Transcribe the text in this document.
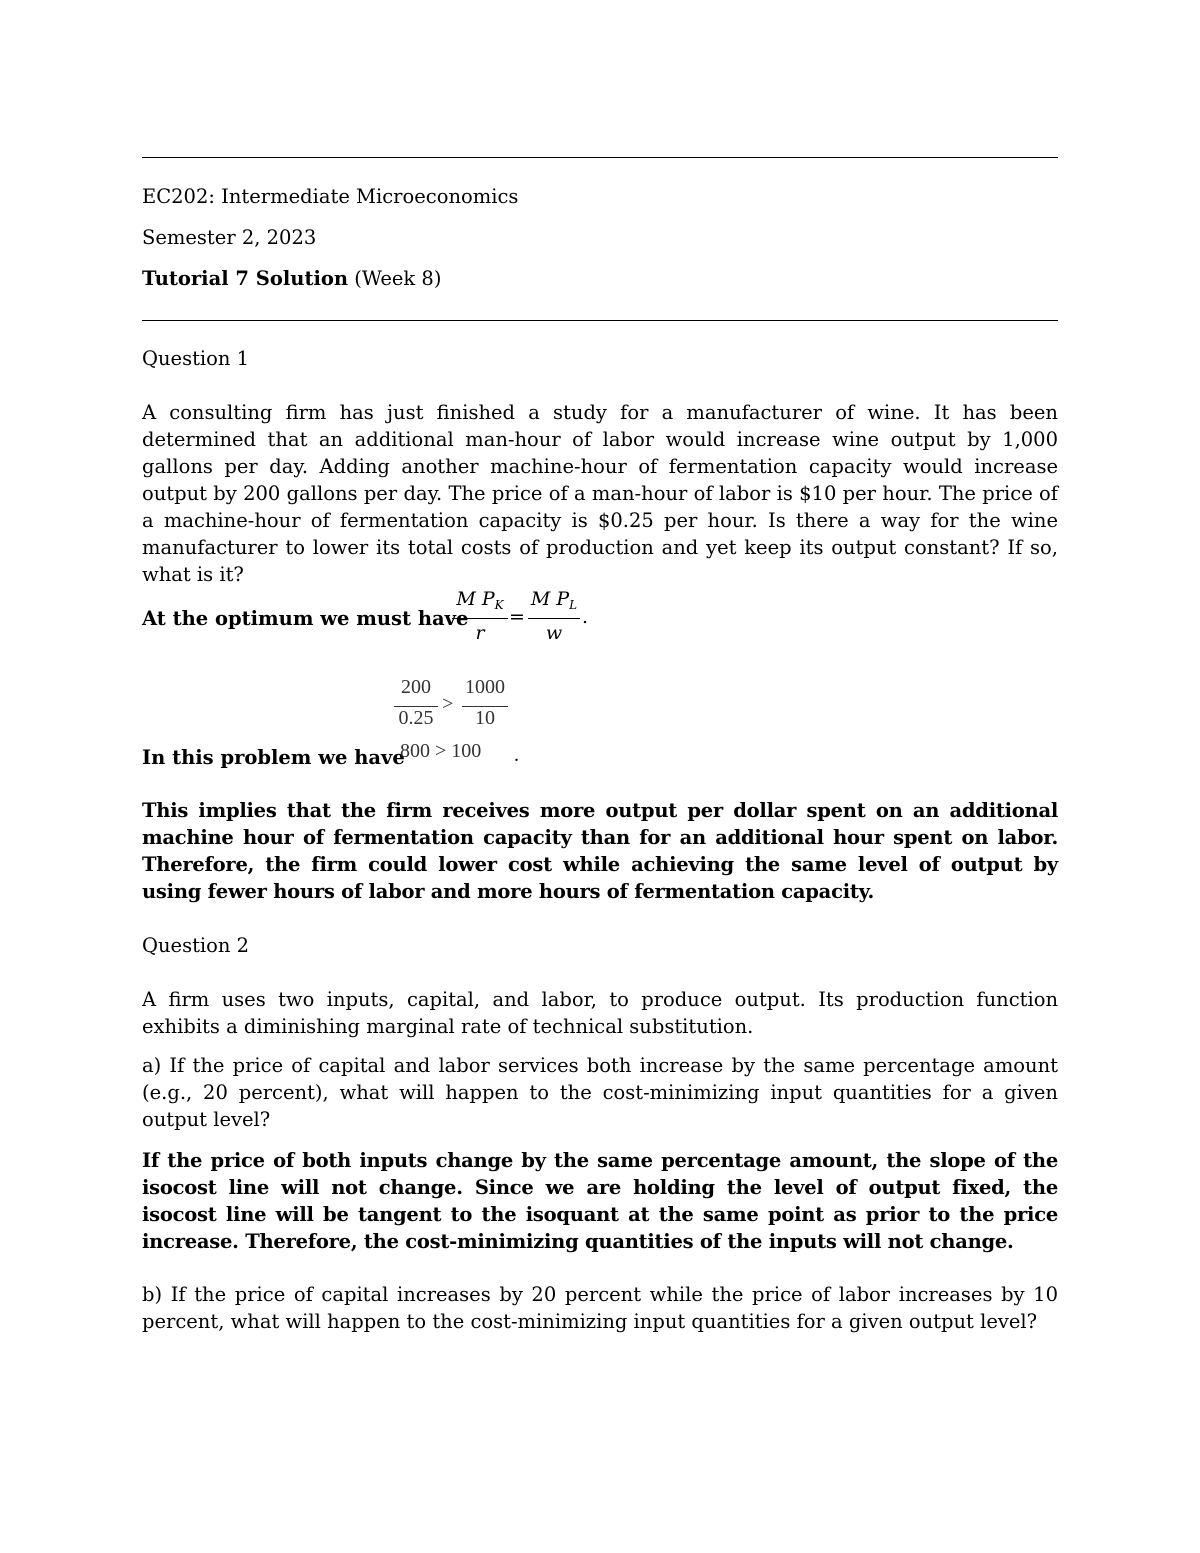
EC202: Intermediate Microeconomics

Semester 2, 2023

Tutorial 7 Solution (Week 8)

Question 1

A consulting firm has just finished a study for a manufacturer of wine. It has been determined that an additional man-hour of labor would increase wine output by 1,000 gallons per day. Adding another machine-hour of fermentation capacity would increase output by 200 gallons per day. The price of a man-hour of labor is $10 per hour. The price of a machine-hour of fermentation capacity is $0.25 per hour. Is there a way for the wine manufacturer to lower its total costs of production and yet keep its output constant? If so, what is it?

At the optimum we must have
M $P_K$
r
=
M $P_L$
w
.
200
0.25
>
1000
10
In this problem we have
800 > 100 .

This implies that the firm receives more output per dollar spent on an additional machine hour of fermentation capacity than for an additional hour spent on labor. Therefore, the firm could lower cost while achieving the same level of output by using fewer hours of labor and more hours of fermentation capacity.

Question 2

A firm uses two inputs, capital, and labor, to produce output. Its production function exhibits a diminishing marginal rate of technical substitution.

a) If the price of capital and labor services both increase by the same percentage amount (e.g., 20 percent), what will happen to the cost-minimizing input quantities for a given output level?

If the price of both inputs change by the same percentage amount, the slope of the isocost line will not change. Since we are holding the level of output fixed, the isocost line will be tangent to the isoquant at the same point as prior to the price increase. Therefore, the cost-minimizing quantities of the inputs will not change.

b) If the price of capital increases by 20 percent while the price of labor increases by 10 percent, what will happen to the cost-minimizing input quantities for a given output level?
